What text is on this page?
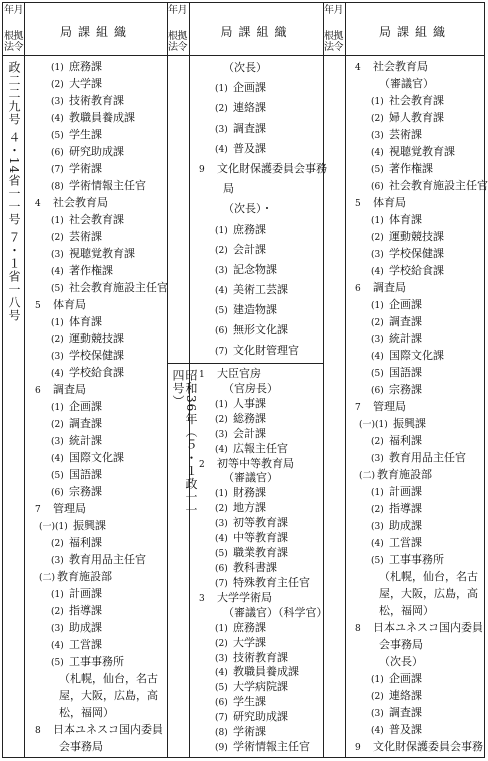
年月
根拠法令
局課組織
年月
根拠法令
局課組織
年月
根拠法令
局課組織
政二二九号 ４・14省一一号 ７・１省一八号
昭和36年（５・１政一一四号）
(1) 庶務課
(2) 大学課
(3) 技術教育課
(4) 教職員養成課
(5) 学生課
(6) 研究助成課
(7) 学術課
(8) 学術情報主任官
4 社会教育局
(1) 社会教育課
(2) 芸術課
(3) 視聴覚教育課
(4) 著作権課
(5) 社会教育施設主任官
5 体育局
(1) 体育課
(2) 運動競技課
(3) 学校保健課
(4) 学校給食課
6 調査局
(1) 企画課
(2) 調査課
(3) 統計課
(4) 国際文化課
(5) 国語課
(6) 宗務課
7 管理局
(一)(1) 振興課
(2) 福利課
(3) 教育用品主任官
(二) 教育施設部
(1) 計画課
(2) 指導課
(3) 助成課
(4) 工営課
(5) 工事事務所
（札幌，仙台，名古
屋，大阪，広島，高
松，福岡）
8 日本ユネスコ国内委員
会事務局
（次長）
(1) 企画課
(2) 連絡課
(3) 調査課
(4) 普及課
9 文化財保護委員会事務
局
（次長）・
(1) 庶務課
(2) 会計課
(3) 記念物課
(4) 美術工芸課
(5) 建造物課
(6) 無形文化課
(7) 文化財管理官
1 大臣官房
（官房長）
(1) 人事課
(2) 総務課
(3) 会計課
(4) 広報主任官
2 初等中等教育局
（審議官）
(1) 財務課
(2) 地方課
(3) 初等教育課
(4) 中等教育課
(5) 職業教育課
(6) 教科書課
(7) 特殊教育主任官
3 大学学術局
（審議官）（科学官）
(1) 庶務課
(2) 大学課
(3) 技術教育課
(4) 教職員養成課
(5) 大学病院課
(6) 学生課
(7) 研究助成課
(8) 学術課
(9) 学術情報主任官
4 社会教育局
（審議官）
(1) 社会教育課
(2) 婦人教育課
(3) 芸術課
(4) 視聴覚教育課
(5) 著作権課
(6) 社会教育施設主任官
5 体育局
(1) 体育課
(2) 運動競技課
(3) 学校保健課
(4) 学校給食課
6 調査局
(1) 企画課
(2) 調査課
(3) 統計課
(4) 国際文化課
(5) 国語課
(6) 宗務課
7 管理局
(一)(1) 振興課
(2) 福利課
(3) 教育用品主任官
(二) 教育施設部
(1) 計画課
(2) 指導課
(3) 助成課
(4) 工営課
(5) 工事事務所
（札幌，仙台，名古
屋，大阪，広島，高
松，福岡）
8 日本ユネスコ国内委員
会事務局
（次長）
(1) 企画課
(2) 連絡課
(3) 調査課
(4) 普及課
9 文化財保護委員会事務
